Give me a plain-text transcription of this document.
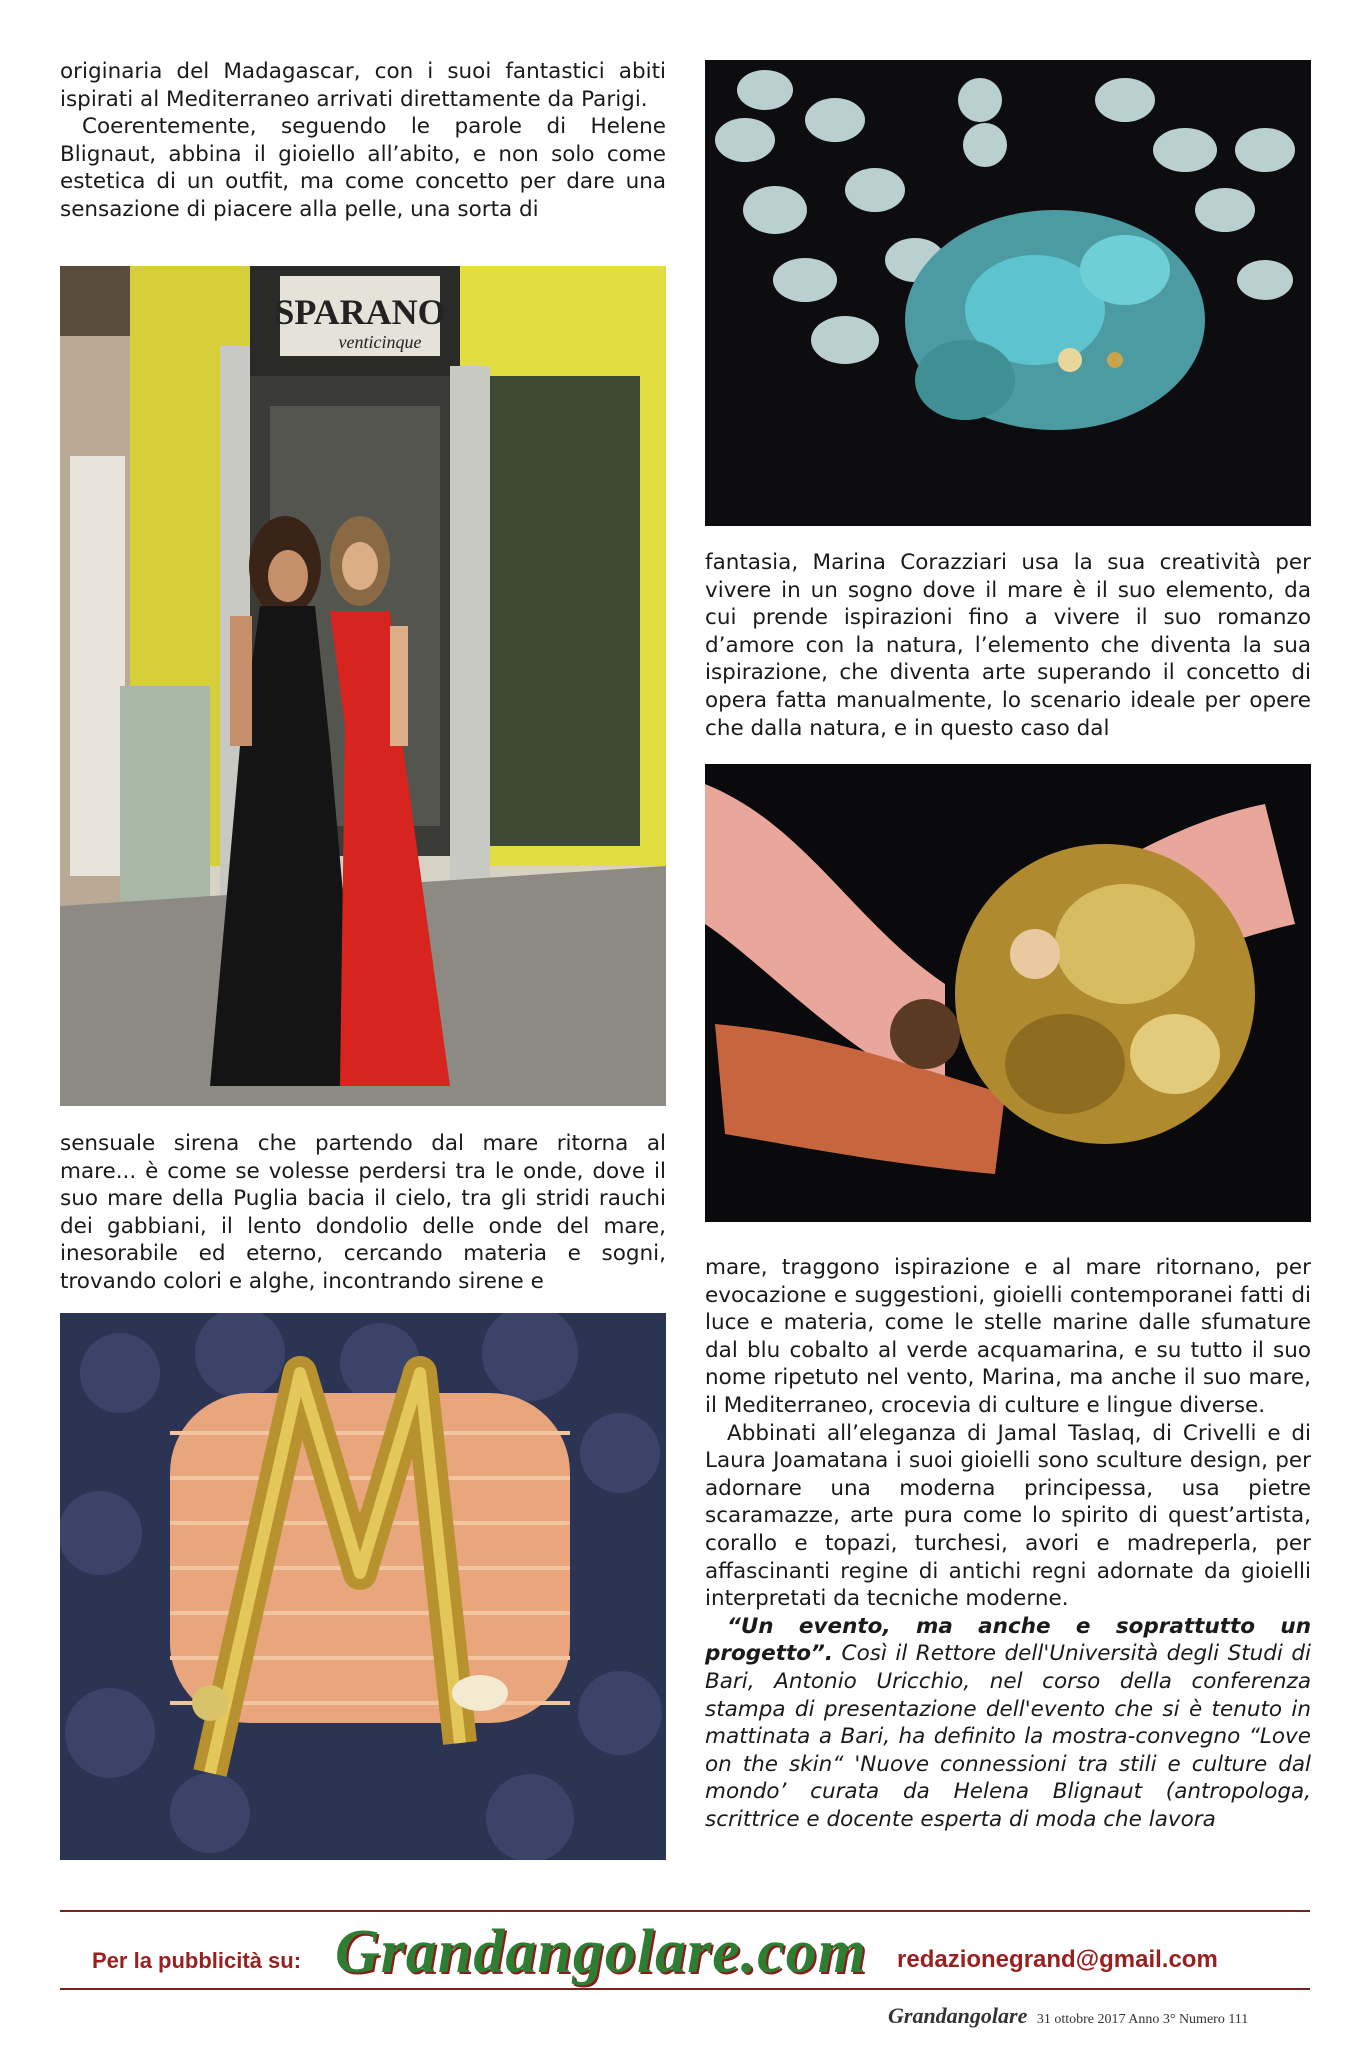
originaria del Madagascar, con i suoi fantastici abiti ispirati al Mediterraneo arrivati direttamente da Parigi.

Coerentemente, seguendo le parole di Helene Blignaut, abbina il gioiello all’abito, e non solo come estetica di un outfit, ma come concetto per dare una sensazione di piacere alla pelle, una sorta di

SPARANO
venticinque

sensuale sirena che partendo dal mare ritorna al mare... è come se volesse perdersi tra le onde, dove il suo mare della Puglia bacia il cielo, tra gli stridi rauchi dei gabbiani, il lento dondolio delle onde del mare, inesorabile ed eterno, cercando materia e sogni, trovando colori e alghe, incontrando sirene e

fantasia, Marina Corazziari usa la sua creatività per vivere in un sogno dove il mare è il suo elemento, da cui prende ispirazioni fino a vivere il suo romanzo d’amore con la natura, l’elemento che diventa la sua ispirazione, che diventa arte superando il concetto di opera fatta manualmente, lo scenario ideale per opere che dalla natura, e in questo caso dal

mare, traggono ispirazione e al mare ritornano, per evocazione e suggestioni, gioielli contemporanei fatti di luce e materia, come le stelle marine dalle sfumature dal blu cobalto al verde acquamarina, e su tutto il suo nome ripetuto nel vento, Marina, ma anche il suo mare, il Mediterraneo, crocevia di culture e lingue diverse.

Abbinati all’eleganza di Jamal Taslaq, di Crivelli e di Laura Joamatana i suoi gioielli sono sculture design, per adornare una moderna principessa, usa pietre scaramazze, arte pura come lo spirito di quest’artista, corallo e topazi, turchesi, avori e madreperla, per affascinanti regine di antichi regni adornate da gioielli interpretati da tecniche moderne.

“Un evento, ma anche e soprattutto un progetto”. Così il Rettore dell'Università degli Studi di Bari, Antonio Uricchio, nel corso della conferenza stampa di presentazione dell'evento che si è tenuto in mattinata a Bari, ha definito la mostra-convegno “Love on the skin“ 'Nuove connessioni tra stili e culture dal mondo’ curata da Helena Blignaut (antropologa, scrittrice e docente esperta di moda che lavora

Per la pubblicità su: Grandangolare.com redazionegrand@gmail.com
Grandangolare 31 ottobre 2017 Anno 3° Numero 111
